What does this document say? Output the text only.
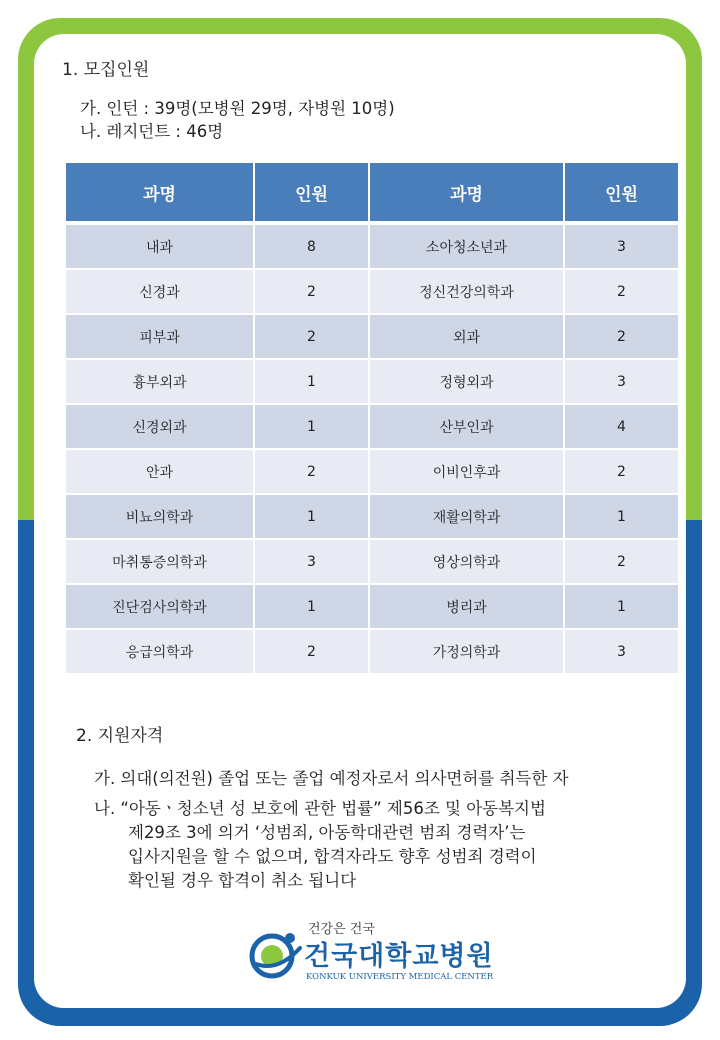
1. 모집인원
가. 인턴 : 39명(모병원 29명, 자병원 10명)
나. 레지던트 : 46명
과명	인원	과명	인원
내과	8	소아청소년과	3
신경과	2	정신건강의학과	2
피부과	2	외과	2
흉부외과	1	정형외과	3
신경외과	1	산부인과	4
안과	2	이비인후과	2
비뇨의학과	1	재활의학과	1
마취통증의학과	3	영상의학과	2
진단검사의학과	1	병리과	1
응급의학과	2	가정의학과	3
2. 지원자격
가. 의대(의전원) 졸업 또는 졸업 예정자로서 의사면허를 취득한 자
나. “아동ㆍ청소년 성 보호에 관한 법률” 제56조 및 아동복지법
제29조 3에 의거 ‘성범죄, 아동학대관련 범죄 경력자’는
입사지원을 할 수 없으며, 합격자라도 향후 성범죄 경력이
확인될 경우 합격이 취소 됩니다
건강은 건국
건국대학교병원
KONKUK UNIVERSITY MEDICAL CENTER
